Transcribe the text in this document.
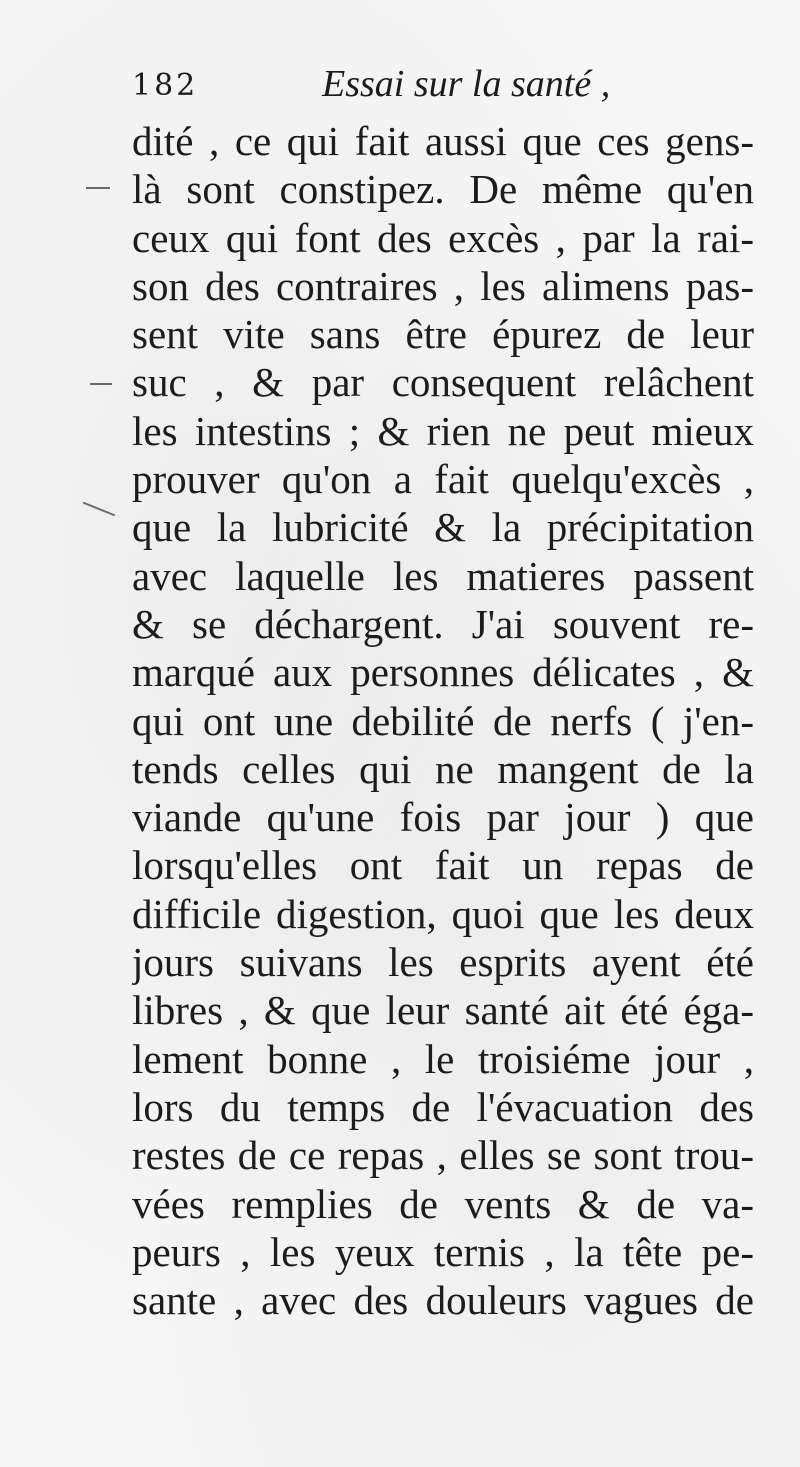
182	Essai sur la santé ,
dité , ce qui fait aussi que ces gens-
là sont constipez. De même qu'en
ceux qui font des excès , par la rai-
son des contraires , les alimens pas-
sent vite sans être épurez de leur
suc , & par consequent relâchent
les intestins ; & rien ne peut mieux
prouver qu'on a fait quelqu'excès ,
que la lubricité & la précipitation
avec laquelle les matieres passent
& se déchargent. J'ai souvent re-
marqué aux personnes délicates , &
qui ont une debilité de nerfs ( j'en-
tends celles qui ne mangent de la
viande qu'une fois par jour ) que
lorsqu'elles ont fait un repas de
difficile digestion, quoi que les deux
jours suivans les esprits ayent été
libres , & que leur santé ait été éga-
lement bonne , le troisiéme jour ,
lors du temps de l'évacuation des
restes de ce repas , elles se sont trou-
vées remplies de vents & de va-
peurs , les yeux ternis , la tête pe-
sante , avec des douleurs vagues de
